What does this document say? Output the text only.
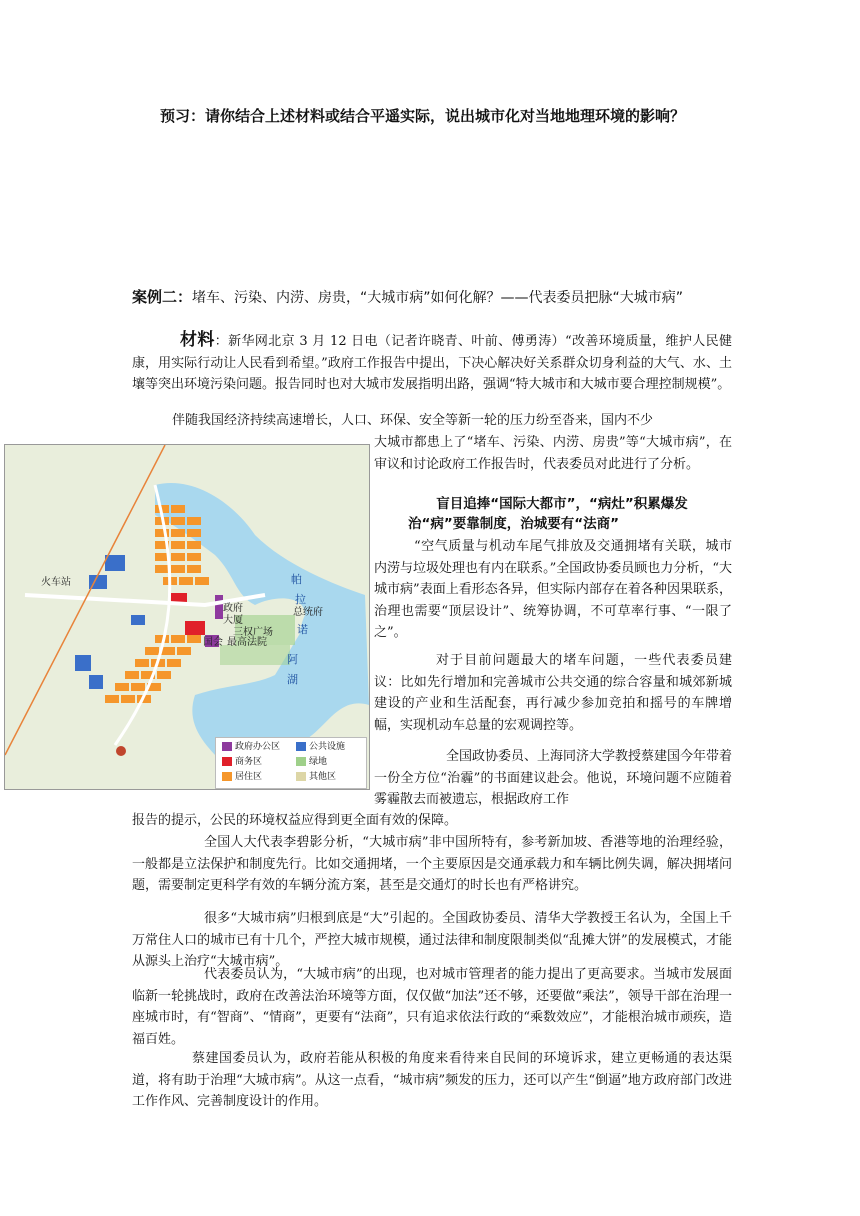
预习：请你结合上述材料或结合平遥实际，说出城市化对当地地理环境的影响？
案例二：堵车、污染、内涝、房贵，“大城市病”如何化解？——代表委员把脉“大城市病”
材料：新华网北京 3 月 12 日电（记者许晓青、叶前、傅勇涛）“改善环境质量，维护人民健康，用实际行动让人民看到希望。”政府工作报告中提出，下决心解决好关系群众切身利益的大气、水、土壤等突出环境污染问题。报告同时也对大城市发展指明出路，强调“特大城市和大城市要合理控制规模”。
伴随我国经济持续高速增长，人口、环保、安全等新一轮的压力纷至沓来，国内不少
大城市都患上了“堵车、污染、内涝、房贵”等“大城市病”，在审议和讨论政府工作报告时，代表委员对此进行了分析。
盲目追捧“国际大都市”，“病灶”积累爆发
治“病”要靠制度，治城要有“法商”
“空气质量与机动车尾气排放及交通拥堵有关联，城市内涝与垃圾处理也有内在联系。”全国政协委员顾也力分析，“大城市病”表面上看形态各异，但实际内部存在着各种因果联系，治理也需要“顶层设计”、统筹协调，不可草率行事、“一限了之”。
对于目前问题最大的堵车问题，一些代表委员建议：比如先行增加和完善城市公共交通的综合容量和城郊新城建设的产业和生活配套，再行减少参加竞拍和摇号的车牌增幅，实现机动车总量的宏观调控等。
全国政协委员、上海同济大学教授蔡建国今年带着一份全方位“治霾”的书面建议赴会。他说，环境问题不应随着雾霾散去而被遗忘，根据政府工作
报告的提示，公民的环境权益应得到更全面有效的保障。
全国人大代表李碧影分析，“大城市病”非中国所特有，参考新加坡、香港等地的治理经验，一般都是立法保护和制度先行。比如交通拥堵，一个主要原因是交通承载力和车辆比例失调，解决拥堵问题，需要制定更科学有效的车辆分流方案，甚至是交通灯的时长也有严格讲究。
很多“大城市病”归根到底是“大”引起的。全国政协委员、清华大学教授王名认为，全国上千万常住人口的城市已有十几个，严控大城市规模，通过法律和制度限制类似“乱摊大饼”的发展模式，才能从源头上治疗“大城市病”。
代表委员认为，“大城市病”的出现，也对城市管理者的能力提出了更高要求。当城市发展面临新一轮挑战时，政府在改善法治环境等方面，仅仅做“加法”还不够，还要做“乘法”，领导干部在治理一座城市时，有“智商”、“情商”，更要有“法商”，只有追求依法行政的“乘数效应”，才能根治城市顽疾，造福百姓。
蔡建国委员认为，政府若能从积极的角度来看待来自民间的环境诉求，建立更畅通的表达渠道，将有助于治理“大城市病”。从这一点看，“城市病”频发的压力，还可以产生“倒逼”地方政府部门改进工作作风、完善制度设计的作用。
火车站
政府
大厦
三权广场
国会 最高法院
总统府
帕
拉
诺
阿
湖
政府办公区	公共设施
商务区	绿地
居住区	其他区
